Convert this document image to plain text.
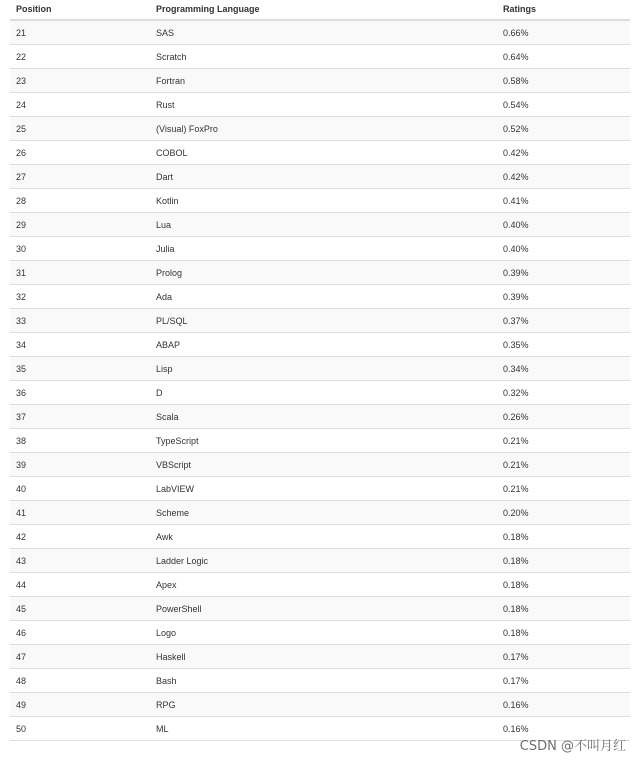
Position	Programming Language	Ratings
21	SAS	0.66%
22	Scratch	0.64%
23	Fortran	0.58%
24	Rust	0.54%
25	(Visual) FoxPro	0.52%
26	COBOL	0.42%
27	Dart	0.42%
28	Kotlin	0.41%
29	Lua	0.40%
30	Julia	0.40%
31	Prolog	0.39%
32	Ada	0.39%
33	PL/SQL	0.37%
34	ABAP	0.35%
35	Lisp	0.34%
36	D	0.32%
37	Scala	0.26%
38	TypeScript	0.21%
39	VBScript	0.21%
40	LabVIEW	0.21%
41	Scheme	0.20%
42	Awk	0.18%
43	Ladder Logic	0.18%
44	Apex	0.18%
45	PowerShell	0.18%
46	Logo	0.18%
47	Haskell	0.17%
48	Bash	0.17%
49	RPG	0.16%
50	ML	0.16%
CSDN @不叫月红
